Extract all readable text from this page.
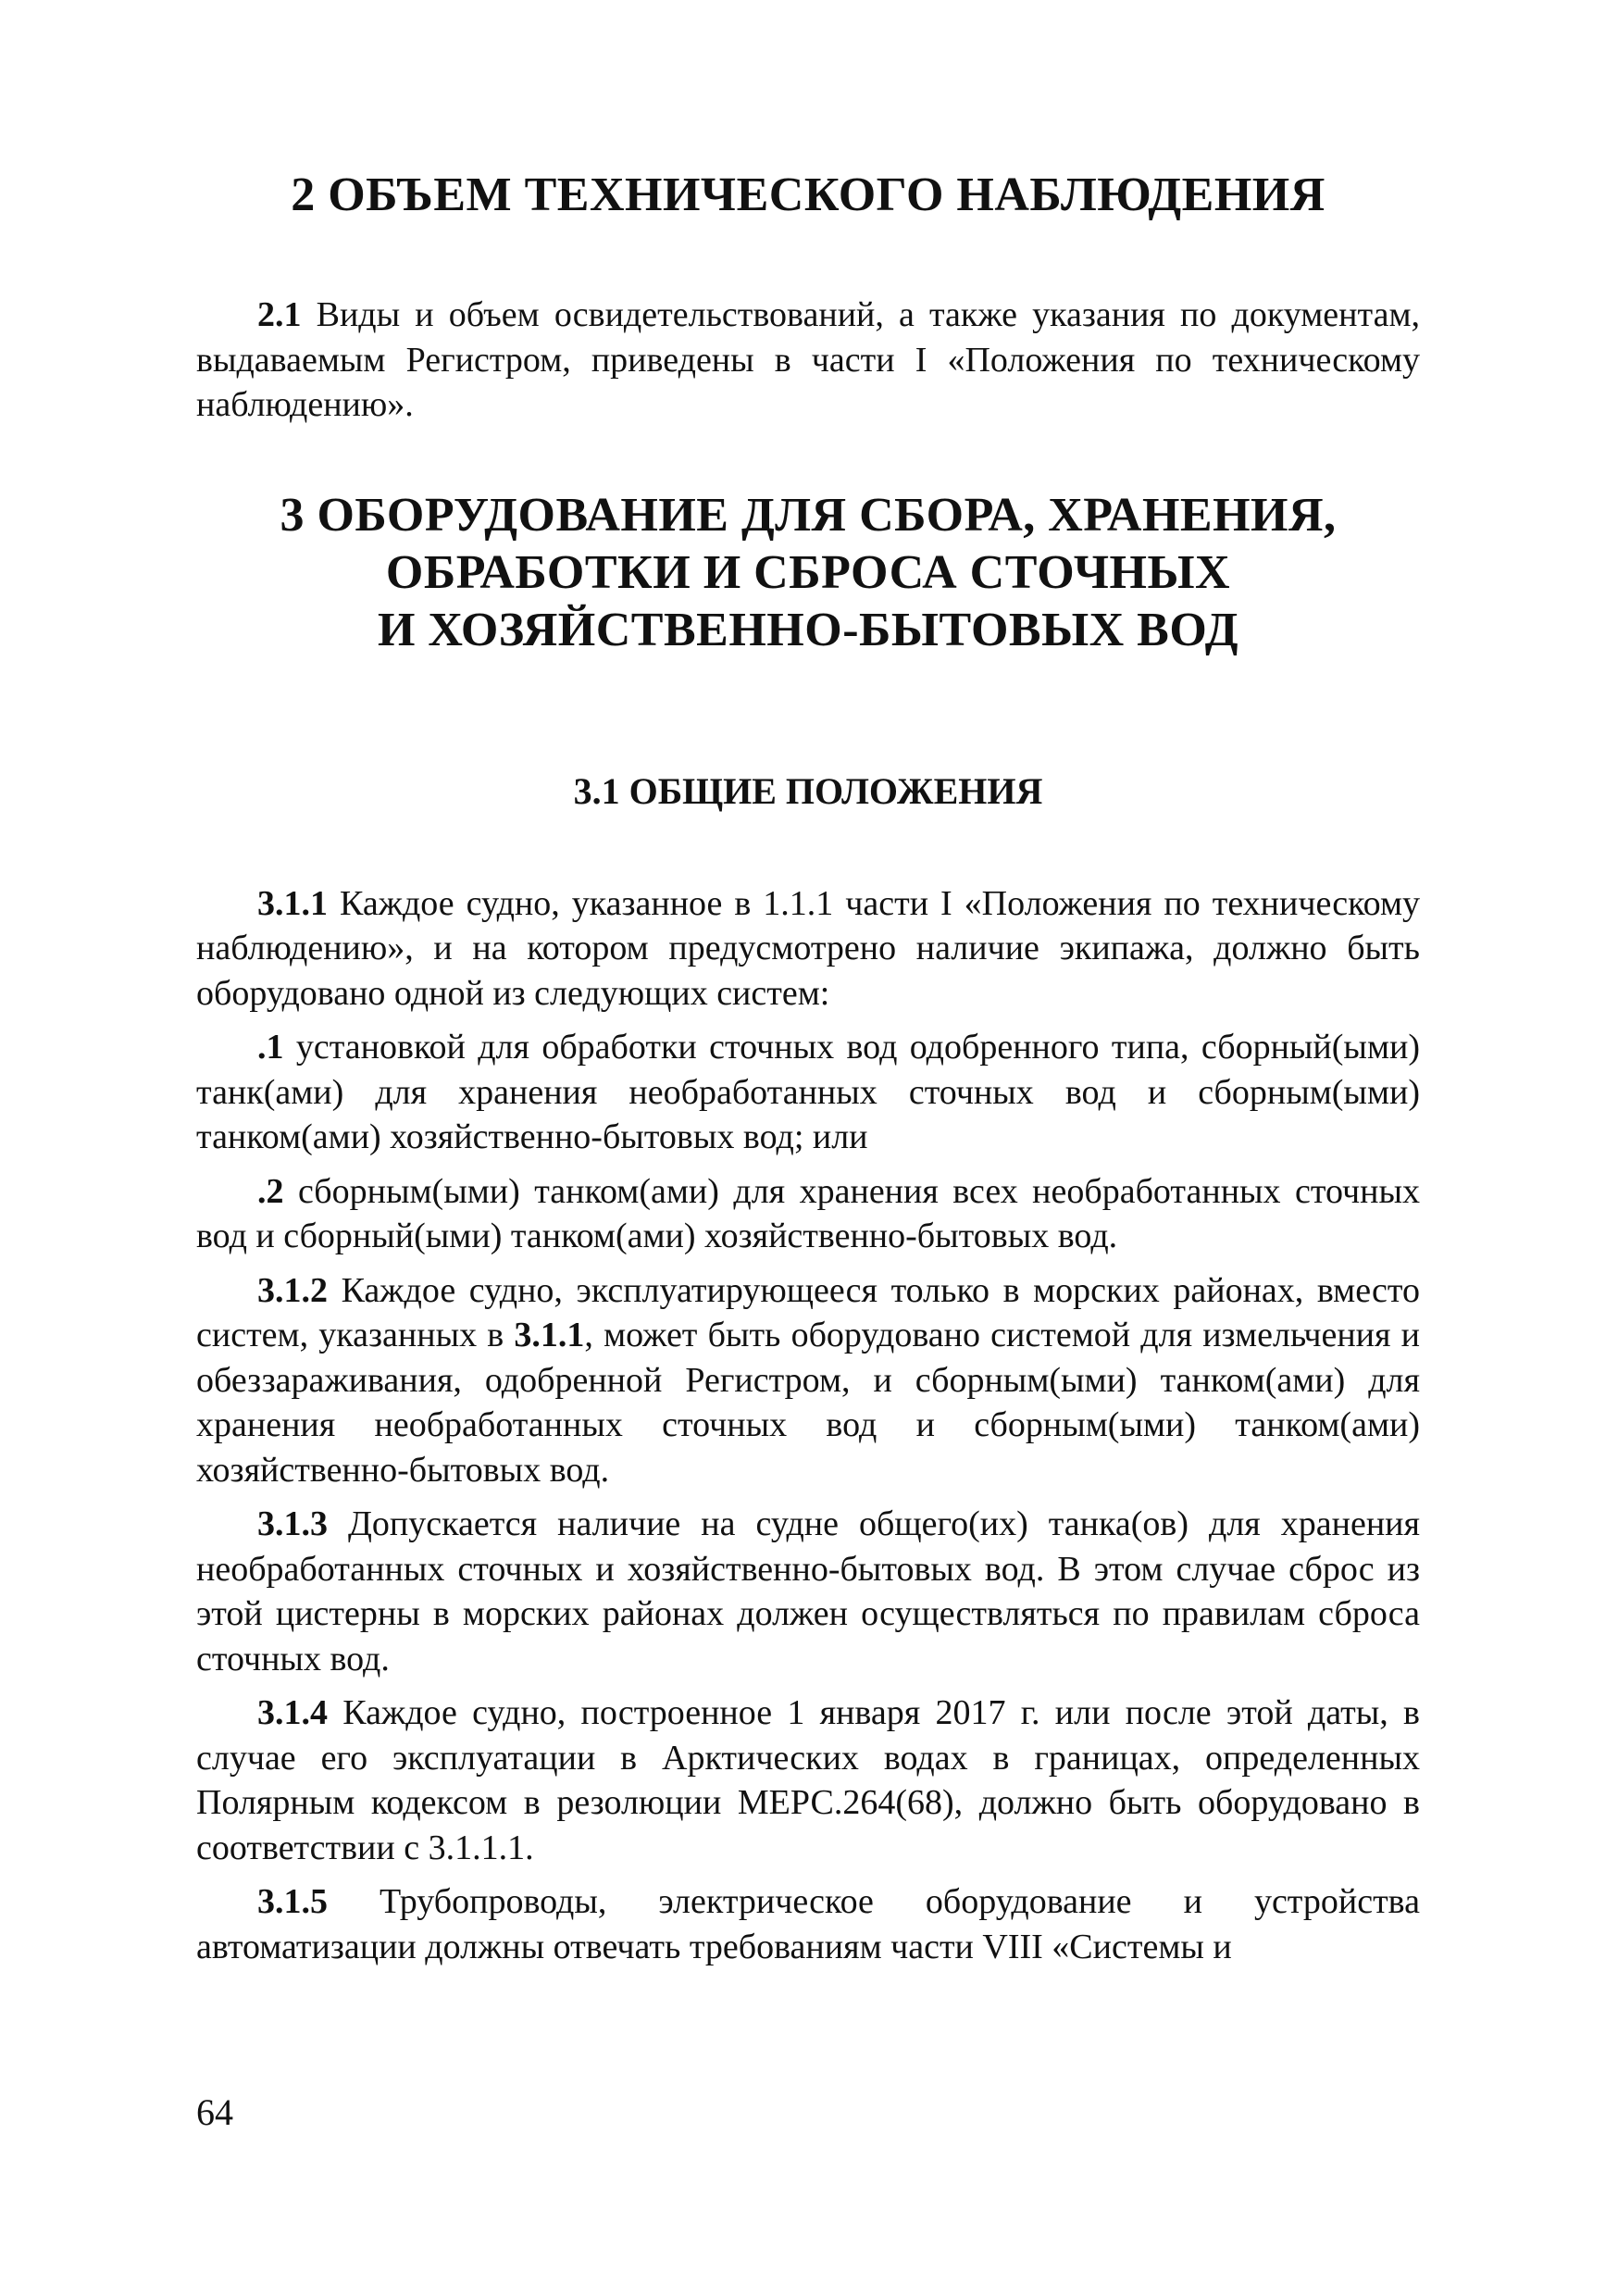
2 ОБЪЕМ ТЕХНИЧЕСКОГО НАБЛЮДЕНИЯ

2.1 Виды и объем освидетельствований, а также указания по документам, выдаваемым Регистром, приведены в части I «Положения по техническому наблюдению».

3 ОБОРУДОВАНИЕ ДЛЯ СБОРА, ХРАНЕНИЯ,
ОБРАБОТКИ И СБРОСА СТОЧНЫХ
И ХОЗЯЙСТВЕННО-БЫТОВЫХ ВОД
3.1 ОБЩИЕ ПОЛОЖЕНИЯ

3.1.1 Каждое судно, указанное в 1.1.1 части I «Положения по техническому наблюдению», и на котором предусмотрено наличие экипажа, должно быть оборудовано одной из следующих систем:

.1 установкой для обработки сточных вод одобренного типа, сборный(ыми) танк(ами) для хранения необработанных сточных вод и сборным(ыми) танком(ами) хозяйственно-бытовых вод; или

.2 сборным(ыми) танком(ами) для хранения всех необработанных сточных вод и сборный(ыми) танком(ами) хозяйственно-бытовых вод.

3.1.2 Каждое судно, эксплуатирующееся только в морских районах, вместо систем, указанных в 3.1.1, может быть оборудовано системой для измельчения и обеззараживания, одобренной Регистром, и сборным(ыми) танком(ами) для хранения необработанных сточных вод и сборным(ыми) танком(ами) хозяйственно-бытовых вод.

3.1.3 Допускается наличие на судне общего(их) танка(ов) для хранения необработанных сточных и хозяйственно-бытовых вод. В этом случае сброс из этой цистерны в морских районах должен осуществляться по правилам сброса сточных вод.

3.1.4 Каждое судно, построенное 1 января 2017 г. или после этой даты, в случае его эксплуатации в Арктических водах в границах, определенных Полярным кодексом в резолюции МЕРС.264(68), должно быть оборудовано в соответствии с 3.1.1.1.

3.1.5 Трубопроводы, электрическое оборудование и устройства автоматизации должны отвечать требованиям части VIII «Системы и

64
